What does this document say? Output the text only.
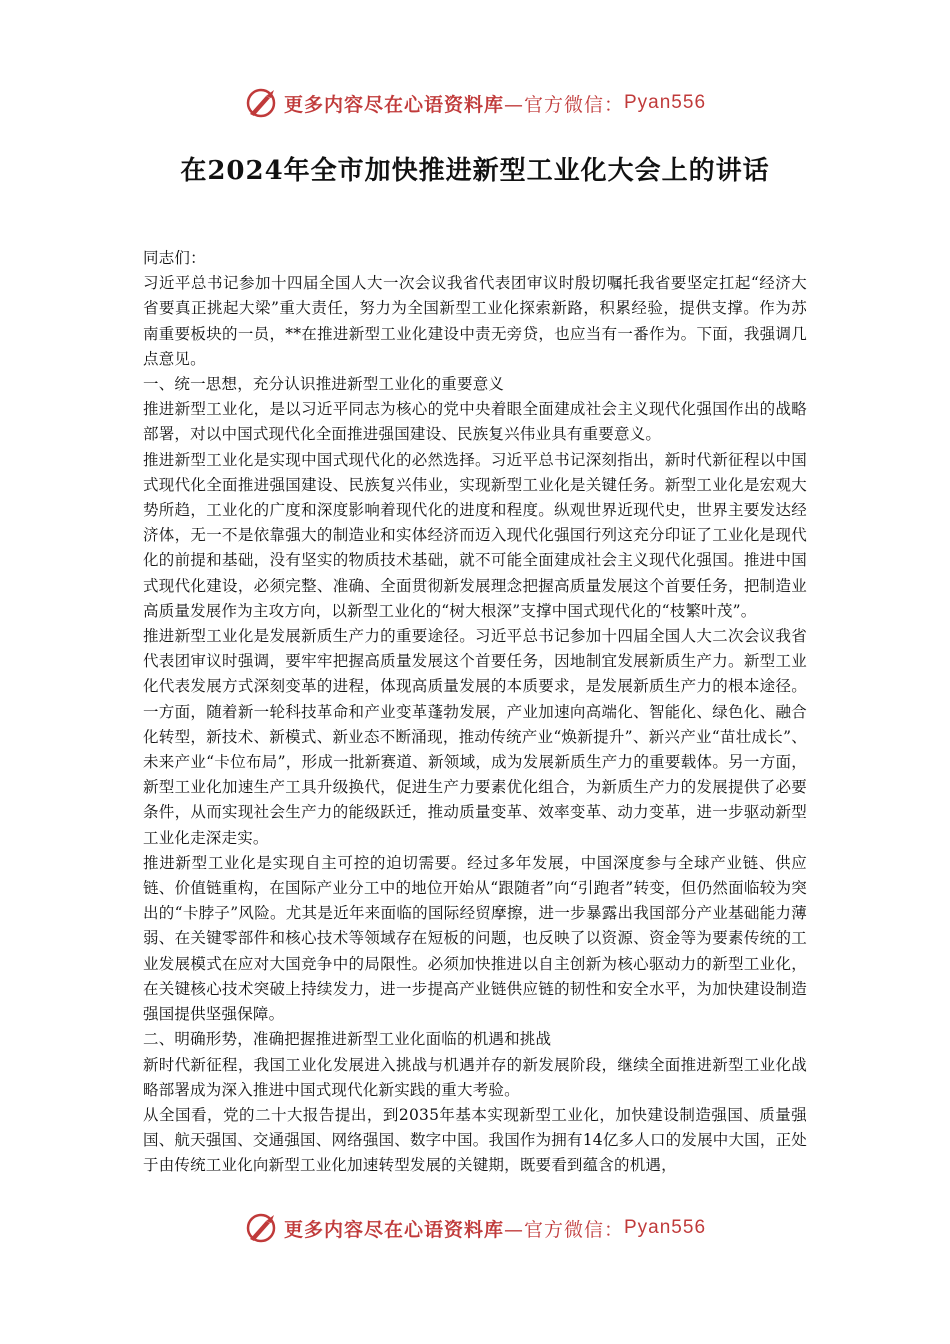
更多内容尽在心语资料库 —官方微信： Pyan556
在2024年全市加快推进新型工业化大会上的讲话

同志们：

习近平总书记参加十四届全国人大一次会议我省代表团审议时殷切嘱托我省要坚定扛起“经济大省要真正挑起大梁”重大责任，努力为全国新型工业化探索新路，积累经验，提供支撑。作为苏南重要板块的一员，**在推进新型工业化建设中责无旁贷，也应当有一番作为。下面，我强调几点意见。

一、统一思想，充分认识推进新型工业化的重要意义

推进新型工业化，是以习近平同志为核心的党中央着眼全面建成社会主义现代化强国作出的战略部署，对以中国式现代化全面推进强国建设、民族复兴伟业具有重要意义。

推进新型工业化是实现中国式现代化的必然选择。习近平总书记深刻指出，新时代新征程以中国式现代化全面推进强国建设、民族复兴伟业，实现新型工业化是关键任务。新型工业化是宏观大势所趋，工业化的广度和深度影响着现代化的进度和程度。纵观世界近现代史，世界主要发达经济体，无一不是依靠强大的制造业和实体经济而迈入现代化强国行列这充分印证了工业化是现代化的前提和基础，没有坚实的物质技术基础，就不可能全面建成社会主义现代化强国。推进中国式现代化建设，必须完整、准确、全面贯彻新发展理念把握高质量发展这个首要任务，把制造业高质量发展作为主攻方向，以新型工业化的“树大根深”支撑中国式现代化的“枝繁叶茂”。

推进新型工业化是发展新质生产力的重要途径。习近平总书记参加十四届全国人大二次会议我省代表团审议时强调，要牢牢把握高质量发展这个首要任务，因地制宜发展新质生产力。新型工业化代表发展方式深刻变革的进程，体现高质量发展的本质要求，是发展新质生产力的根本途径。一方面，随着新一轮科技革命和产业变革蓬勃发展，产业加速向高端化、智能化、绿色化、融合化转型，新技术、新模式、新业态不断涌现，推动传统产业“焕新提升”、新兴产业“苗壮成长”、未来产业“卡位布局”，形成一批新赛道、新领域，成为发展新质生产力的重要载体。另一方面，新型工业化加速生产工具升级换代，促进生产力要素优化组合，为新质生产力的发展提供了必要条件，从而实现社会生产力的能级跃迁，推动质量变革、效率变革、动力变革，进一步驱动新型工业化走深走实。

推进新型工业化是实现自主可控的迫切需要。经过多年发展，中国深度参与全球产业链、供应链、价值链重构，在国际产业分工中的地位开始从“跟随者”向“引跑者”转变，但仍然面临较为突出的“卡脖子”风险。尤其是近年来面临的国际经贸摩擦，进一步暴露出我国部分产业基础能力薄弱、在关键零部件和核心技术等领域存在短板的问题，也反映了以资源、资金等为要素传统的工业发展模式在应对大国竞争中的局限性。必须加快推进以自主创新为核心驱动力的新型工业化，在关键核心技术突破上持续发力，进一步提高产业链供应链的韧性和安全水平，为加快建设制造强国提供坚强保障。

二、明确形势，准确把握推进新型工业化面临的机遇和挑战

新时代新征程，我国工业化发展进入挑战与机遇并存的新发展阶段，继续全面推进新型工业化战略部署成为深入推进中国式现代化新实践的重大考验。

从全国看，党的二十大报告提出，到2035年基本实现新型工业化，加快建设制造强国、质量强国、航天强国、交通强国、网络强国、数字中国。我国作为拥有14亿多人口的发展中大国，正处于由传统工业化向新型工业化加速转型发展的关键期，既要看到蕴含的机遇，

更多内容尽在心语资料库 —官方微信： Pyan556
